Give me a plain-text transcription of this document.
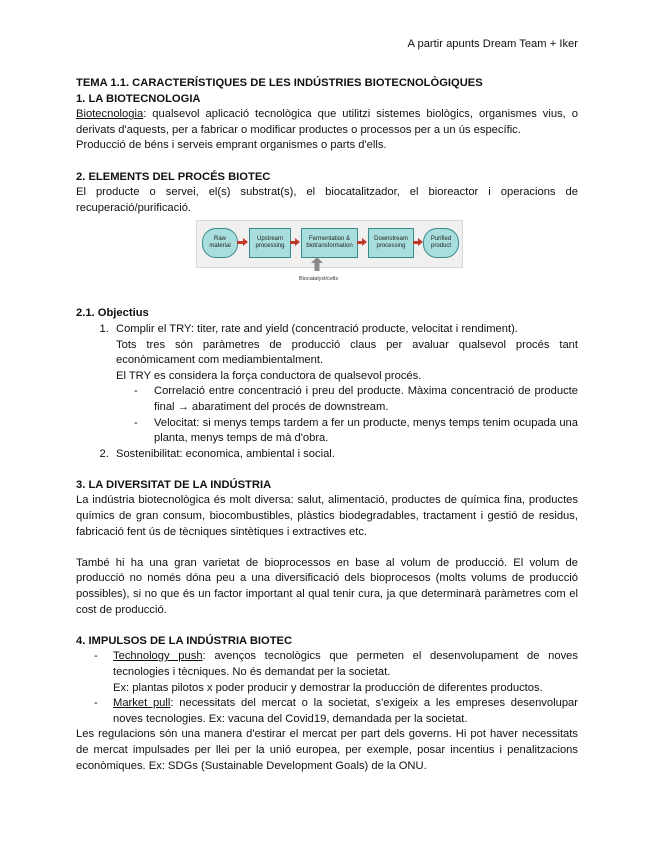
A partir apunts Dream Team + Iker

TEMA 1.1. CARACTERÍSTIQUES DE LES INDÚSTRIES BIOTECNOLÒGIQUES

1. LA BIOTECNOLOGIA

Biotecnologia: qualsevol aplicació tecnològica que utilitzi sistemes biològics, organismes vius, o derivats d'aquests, per a fabricar o modificar productes o processos per a un ús específic.

Producció de béns i serveis emprant organismes o parts d'ells.

2. ELEMENTS DEL PROCÉS BIOTEC

El producte o servei, el(s) substrat(s), el biocatalitzador, el bioreactor i operacions de recuperació/purificació.

Raw material
Upstream processing
Fermentation & biotransformation
Downstream processing
Purified product
Biocatalyst/cells

2.1. Objectius

1. Complir el TRY: titer, rate and yield (concentració producte, velocitat i rendiment).

Tots tres són paràmetres de producció claus per avaluar qualsevol procés tant econòmicament com mediambientalment.

El TRY es considera la força conductora de qualsevol procés.

- Correlació entre concentració i preu del producte. Màxima concentració de producte final → abaratiment del procés de downstream.
- Velocitat: si menys temps tardem a fer un producte, menys temps tenim ocupada una planta, menys temps de mà d'obra.
2. Sostenibilitat: economica, ambiental i social.

3. LA DIVERSITAT DE LA INDÚSTRIA

La indústria biotecnològica és molt diversa: salut, alimentació, productes de química fina, productes químics de gran consum, biocombustibles, plàstics biodegradables, tractament i gestió de residus, fabricació fent ús de tècniques sintètiques i extractives etc.

També hi ha una gran varietat de bioprocessos en base al volum de producció. El volum de producció no només dóna peu a una diversificació dels bioprocesos (molts volums de producció possibles), si no que és un factor important al qual tenir cura, ja que determinarà paràmetres com el cost de producció.

4. IMPULSOS DE LA INDÚSTRIA BIOTEC

- Technology push: avenços tecnològics que permeten el desenvolupament de noves tecnologies i tècniques. No és demandat per la societat.

Ex: plantas pilotos x poder producir y demostrar la producción de diferentes productos.

- Market pull: necessitats del mercat o la societat, s'exigeix a les empreses desenvolupar noves tecnologies. Ex: vacuna del Covid19, demandada per la societat.

Les regulacions són una manera d'estirar el mercat per part dels governs. Hi pot haver necessitats de mercat impulsades per llei per la unió europea, per exemple, posar incentius i penalitzacions econòmiques. Ex: SDGs (Sustainable Development Goals) de la ONU.
